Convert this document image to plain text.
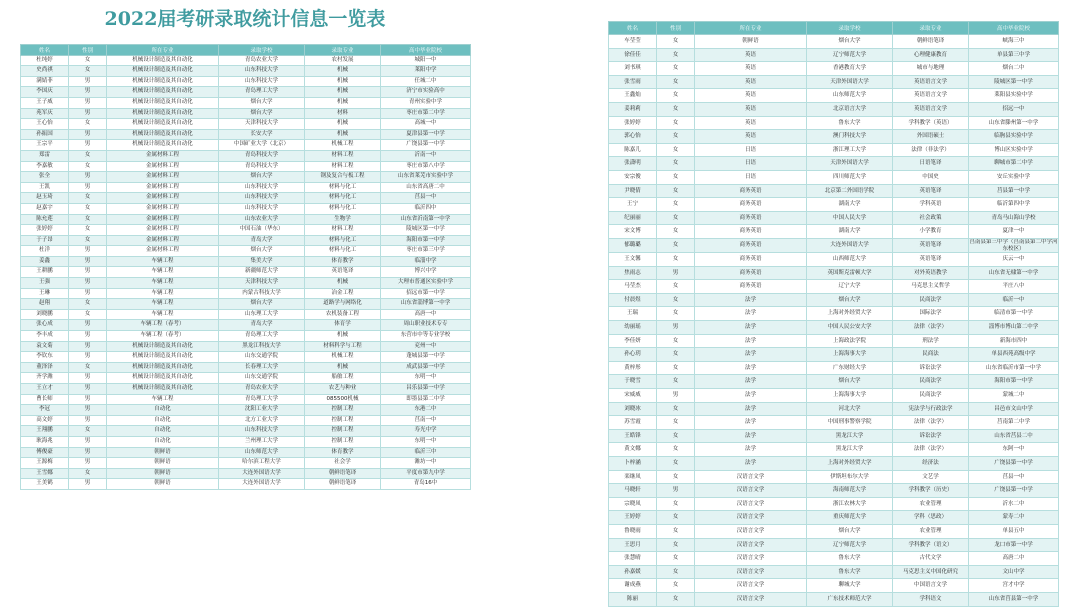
2022届考研录取统计信息一览表
姓名	性别	所在专业	录取学校	录取专业	高中毕业院校
杜纯婷	女	机械设计制造及其自动化	青岛农业大学	农村发展	城阳一中
史尚祺	女	机械设计制造及其自动化	山东科技大学	机械	莱阳中学
满婧菲	男	机械设计制造及其自动化	山东科技大学	机械	任城二中
李国庆	男	机械设计制造及其自动化	青岛理工大学	机械	济宁市实验高中
王子威	男	机械设计制造及其自动化	烟台大学	机械	青州实验中学
苑军庆	男	机械设计制造及其自动化	烟台大学	材料	枣庄市第二中学
王心怡	女	机械设计制造及其自动化	天津科技大学	机械	高城一中
孙振国	男	机械设计制造及其自动化	长安大学	机械	夏津县第一中学
王宗平	男	机械设计制造及其自动化	中国矿业大学（北京）	机械工程	广饶县第一中学
郑雷	女	金属材料工程	青岛科技大学	材料工程	沂南一中
李嘉敏	女	金属材料工程	青岛科技大学	材料工程	枣庄市第八中学
张全	男	金属材料工程	烟台大学	钢及复合与板工程	山东省莱芜市实验中学
王凯	男	金属材料工程	山东科技大学	材料与化工	山东省高唐二中
赵玉琦	女	金属材料工程	山东科技大学	材料与化工	莒县一中
赵嘉宇	女	金属材料工程	山东科技大学	材料与化工	临沂四中
陈允莲	女	金属材料工程	山东农业大学	生物学	山东省沂南第一中学
张婷婷	女	金属材料工程	中国石油（华东）	材料工程	陵城区第一中学
于子昂	女	金属材料工程	青岛大学	材料与化工	海阳市第一中学
杜洋	男	金属材料工程	烟台大学	材料与化工	枣庄市第三中学
姜鑫	男	车辆工程	集美大学	体育教学	临淄中学
王耕鹏	男	车辆工程	新疆师范大学	英语笔译	博兴中学
王强	男	车辆工程	天津科技大学	机械	大理市普通区实验中学
王琳	男	车辆工程	内蒙古科技大学	冶金工程	招远市第一中学
赵翔	女	车辆工程	烟台大学	道路学与网络化	山东省淄博第一中学
刘晓鹏	女	车辆工程	山东理工大学	农机装备工程	高唐一中
张心成	男	车辆工程（春考）	青岛大学	体育学	周山职业技术专专
李丰成	男	车辆工程（春考）	青岛理工大学	机械	东营市中等专业学校
袁文菊	男	机械设计制造及其自动化	黑龙江科技大学	材料科学与工程	兖州一中
李钦东	男	机械设计制造及其自动化	山东交通学院	机械工程	蓬城县第一中学
董泽泽	女	机械设计制造及其自动化	长春理工大学	机械	成武县第一中学
齐学潍	男	机械设计制造及其自动化	山东交通学院	船舶工程	东明一中
王立才	男	机械设计制造及其自动化	青岛农业大学	农艺与种业	昌乐县第一中学
曹长师	男	车辆工程	青岛理工大学	085500机械	即墨县第二中学
李冠	男	自动化	沈阳工业大学	控制工程	东港二中
高文婷	男	自动化	北方工业大学	控制工程	莒南一中
王翔鹏	女	自动化	山东科技大学	控制工程	寿光中学
耿海兆	男	自动化	兰州理工大学	控制工程	东明一中
傅俊豪	男	朝鲜语	山东师范大学	体育教学	临沂三中
王源梅	男	朝鲜语	哈尔滨工程大学	社会学	潍坊一中
王雪娜	女	朝鲜语	大连外国语大学	朝鲜语笔译	平度市第九中学
王美鹤	男	朝鲜语	大连外国语大学	朝鲜语笔译	青岛16中
姓名	性别	所在专业	录取学校	录取专业	高中毕业院校
车莹莹	女	朝鲜语	烟台大学	朝鲜语笔译	峡海三中
徐佳佳	女	英语	辽宁师范大学	心理健康教育	单县第三中学
刘书琪	女	英语	香港教育大学	城市与地理	烟台二中
张雪雨	女	英语	天津外国语大学	英语语言文学	陵城区第一中学
王鑫灿	女	英语	山东师范大学	英语语言文学	莱阳县实验中学
姜莉莉	女	英语	北京语言大学	英语语言文学	招远一中
张婷婷	女	英语	鲁东大学	学科教学（英语）	山东省滕州第一中学
郭心怡	女	英语	澳门科技大学	外国语硕士	临朐县实验中学
陈嘉儿	女	日语	浙江理工大学	法律（非法学）	博山区实验中学
张潇明	女	日语	天津外国语大学	日语笔译	聊城市第二中学
安宗俊	女	日语	四川师范大学	中国史	安丘实验中学
尹晓倩	女	商务英语	北京第二外国语学院	英语笔译	莒县第一中学
王宁	女	商务英语	湖南大学	学科英语	临沂第四中学
纪丽丽	女	商务英语	中国人民大学	社会政策	青岛马山海山学校
宋文博	女	商务英语	湖南大学	小学教育	夏津一中
郁璐璐	女	商务英语	大连外国语大学	英语笔译	莒南县第三中学（莒南县第二中学河东校区）
王文馨	女	商务英语	山西师范大学	英语笔译	庆云一中
焦雨志	男	商务英语	英国斯克雷顿大学	对外英语教学	山东省无棣第一中学
马莹杰	女	商务英语	辽宁大学	马克思主义哲学	平庄八中
付晨煜	女	法学	烟台大学	民商法学	临沂一中
王瑞	女	法学	上海对外经贸大学	国际法学	临清市第一中学
幼丽瑶	男	法学	中国人民公安大学	法律（法学）	淄博市博山第二中学
李佳妍	女	法学	上海政法学院	刑法学	新海市四中
孙心玥	女	法学	上海海事大学	民商法	单县西苑高级中学
黄梓彤	女	法学	广东财经大学	诉讼法学	山东省临沂市第一中学
于晓雪	女	法学	烟台大学	民商法学	海阳市第一中学
宋威威	男	法学	上海海事大学	民商法学	蒙城二中
刘晓冰	女	法学	河北大学	宪法学与行政法学	昌邑市文山中学
苏雪霞	女	法学	中国刑事警察学院	法律（法学）	莒南第二中学
王皓锋	女	法学	黑龙江大学	诉讼法学	山东省莒县二中
黄文娜	女	法学	黑龙江大学	法律（法学）	东阿一中
卜梓涵	女	法学	上海对外经贸大学	经济法	广饶县第一中学
栾继凤	女	汉语言文学	伊斯坦布尔大学	文艺学	莒县一中
马晓轩	男	汉语言文学	海南师范大学	学科教学（历史）	广饶县第一中学
宗晓凤	女	汉语言文学	浙江农林大学	农业管理	沂水二中
王婷婷	女	汉语言文学	重庆师范大学	学科（思政）	蒙寿二中
鲁晓雨	女	汉语言文学	烟台大学	农业管理	单县五中
王思月	女	汉语言文学	辽宁师范大学	学科教学（语文）	龙口市第一中学
张慧晴	女	汉语言文学	鲁东大学	古代文学	高唐二中
孙嘉媛	女	汉语言文学	鲁东大学	马克思主义中国化研究	文山中学
谢成燕	女	汉语言文学	聊城大学	中国语言文学	宫才中学
陈丽	女	汉语言文学	广东技术师范大学	学科语文	山东省莒县第一中学
